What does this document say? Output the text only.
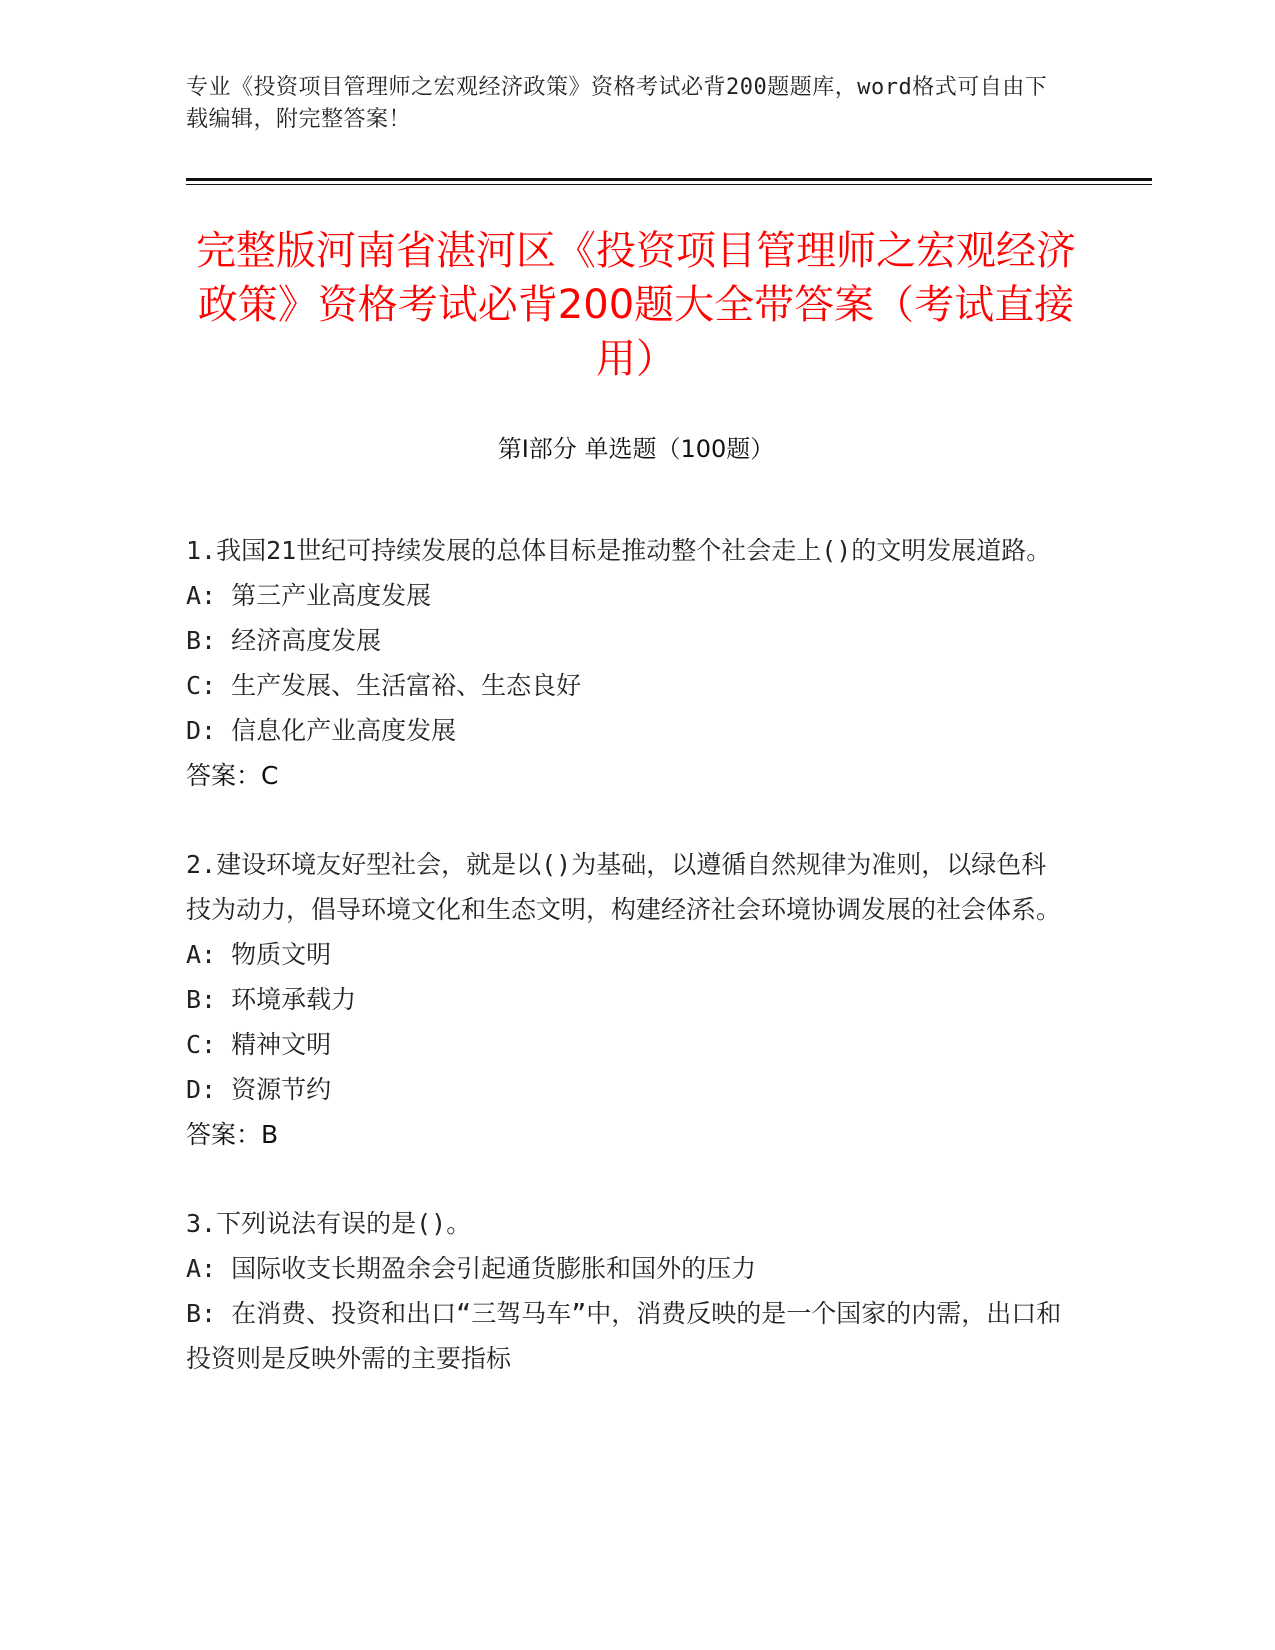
专业《投资项目管理师之宏观经济政策》资格考试必背200题题库，word格式可自由下载编辑，附完整答案！
完整版河南省湛河区《投资项目管理师之宏观经济政策》资格考试必背200题大全带答案（考试直接用）
第Ⅰ部分 单选题（100题）

1.我国21世纪可持续发展的总体目标是推动整个社会走上()的文明发展道路。

A: 第三产业高度发展

B: 经济高度发展

C: 生产发展、生活富裕、生态良好

D: 信息化产业高度发展

答案：C

2.建设环境友好型社会，就是以()为基础，以遵循自然规律为准则，以绿色科技为动力，倡导环境文化和生态文明，构建经济社会环境协调发展的社会体系。

A: 物质文明

B: 环境承载力

C: 精神文明

D: 资源节约

答案：B

3.下列说法有误的是()。

A: 国际收支长期盈余会引起通货膨胀和国外的压力

B: 在消费、投资和出口“三驾马车”中，消费反映的是一个国家的内需，出口和投资则是反映外需的主要指标
